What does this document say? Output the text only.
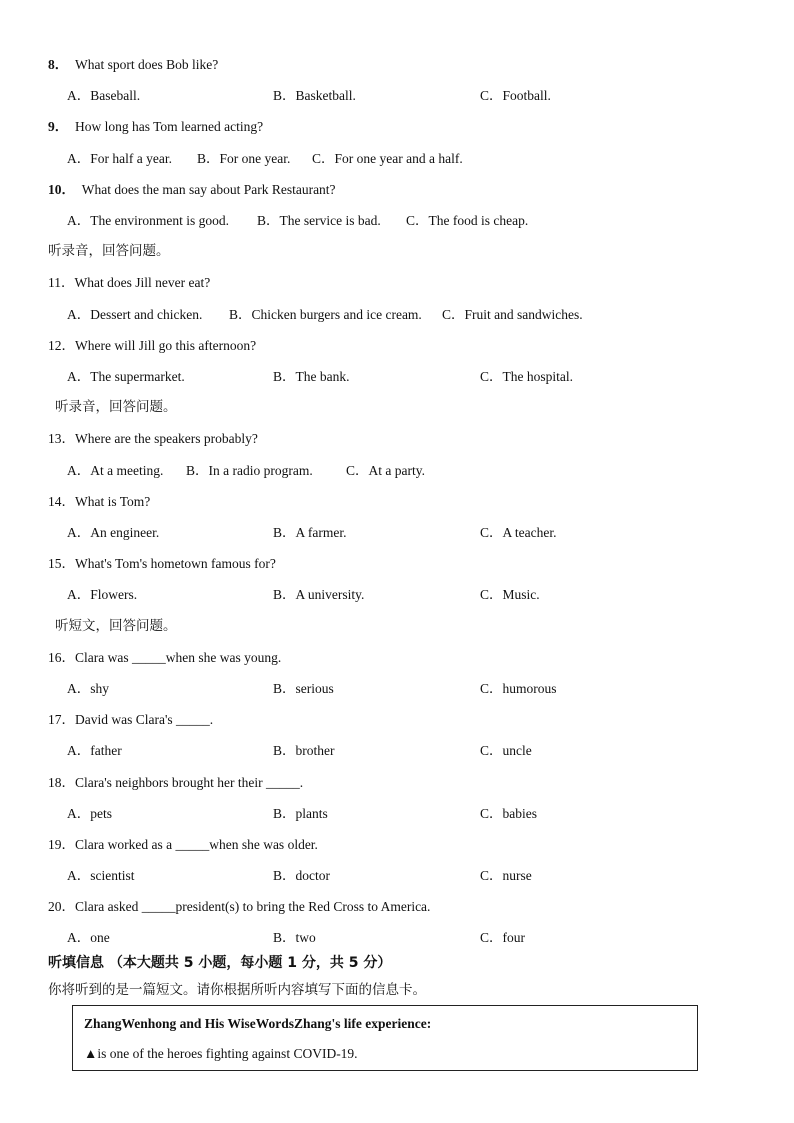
8． What sport does Bob like?
A．Baseball.	B．Basketball.	C．Football.
9． How long has Tom learned acting?
A．For half a year. B．For one year. C．For one year and a half.
10． What does the man say about Park Restaurant?
A．The environment is good. B．The service is bad. C．The food is cheap.
听录音，回答问题。
11．What does Jill never eat?
A．Dessert and chicken. B．Chicken burgers and ice cream. C．Fruit and sandwiches.
12．Where will Jill go this afternoon?
A．The supermarket.	B．The bank.	C．The hospital.
听录音，回答问题。
13．Where are the speakers probably?
A．At a meeting. B．In a radio program. C．At a party.
14．What is Tom?
A．An engineer.	B．A farmer.	C．A teacher.
15．What's Tom's hometown famous for?
A．Flowers.	B．A university.	C．Music.
听短文，回答问题。
16．Clara was _____when she was young.
A．shy	B．serious	C．humorous
17．David was Clara's _____.
A．father	B．brother	C．uncle
18．Clara's neighbors brought her their _____.
A．pets	B．plants	C．babies
19．Clara worked as a _____when she was older.
A．scientist	B．doctor	C．nurse
20．Clara asked _____president(s) to bring the Red Cross to America.
A．one	B．two	C．four
听填信息 （本大题共 5 小题，每小题 1 分，共 5 分）
你将听到的是一篇短文。请你根据所听内容填写下面的信息卡。
ZhangWenhong and His WiseWordsZhang's life experience:
▲is one of the heroes fighting against COVID-19.
